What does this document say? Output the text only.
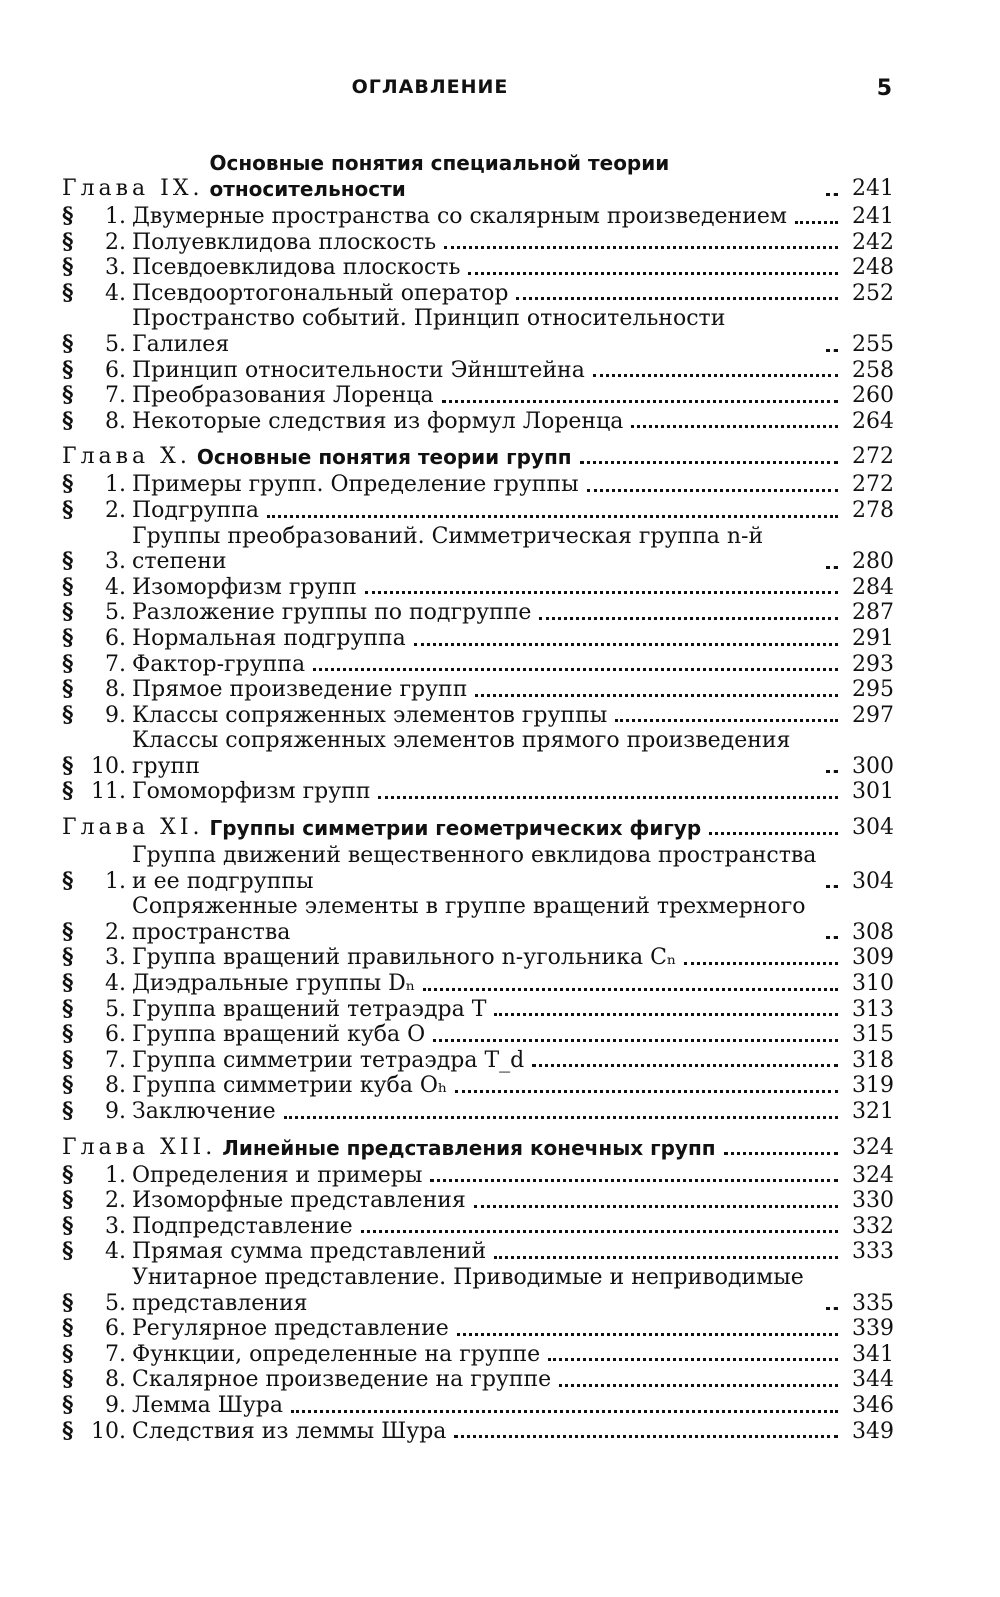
ОГЛАВЛЕНИЕ	5
Глава IX.
Основные понятия специальной теории относительности	241
§	1. Двумерные пространства со скалярным произведением	241
§	2. Полуевклидова плоскость	242
§	3. Псевдоевклидова плоскость	248
§	4. Псевдоортогональный оператор	252
§	5.
Пространство событий. Принцип относительности Галилея	255
§	6. Принцип относительности Эйнштейна	258
§	7. Преобразования Лоренца	260
§	8. Некоторые следствия из формул Лоренца	264
Глава X. Основные понятия теории групп	272
§	1. Примеры групп. Определение группы	272
§	2. Подгруппа	278
§	3.
Группы преобразований. Симметрическая группа n-й степени	280
§	4. Изоморфизм групп	284
§	5. Разложение группы по подгруппе	287
§	6. Нормальная подгруппа	291
§	7. Фактор-группа	293
§	8. Прямое произведение групп	295
§	9. Классы сопряженных элементов группы	297
§ 10.
Классы сопряженных элементов прямого произведения групп	300
§ 11. Гомоморфизм групп	301
Глава XI. Группы симметрии геометрических фигур	304
§	1.
Группа движений вещественного евклидова пространства и ее подгруппы	304
§	2.
Сопряженные элементы в группе вращений трехмерного пространства	308
§	3. Группа вращений правильного n-угольника Cₙ	309
§	4. Диэдральные группы Dₙ	310
§	5. Группа вращений тетраэдра T	313
§	6. Группа вращений куба O	315
§	7. Группа симметрии тетраэдра T_d	318
§	8. Группа симметрии куба Oₕ	319
§	9. Заключение	321
Глава XII. Линейные представления конечных групп	324
§	1. Определения и примеры	324
§	2. Изоморфные представления	330
§	3. Подпредставление	332
§	4. Прямая сумма представлений	333
§	5.
Унитарное представление. Приводимые и неприводимые представления	335
§	6. Регулярное представление	339
§	7. Функции, определенные на группе	341
§	8. Скалярное произведение на группе	344
§	9. Лемма Шура	346
§ 10. Следствия из леммы Шура	349
